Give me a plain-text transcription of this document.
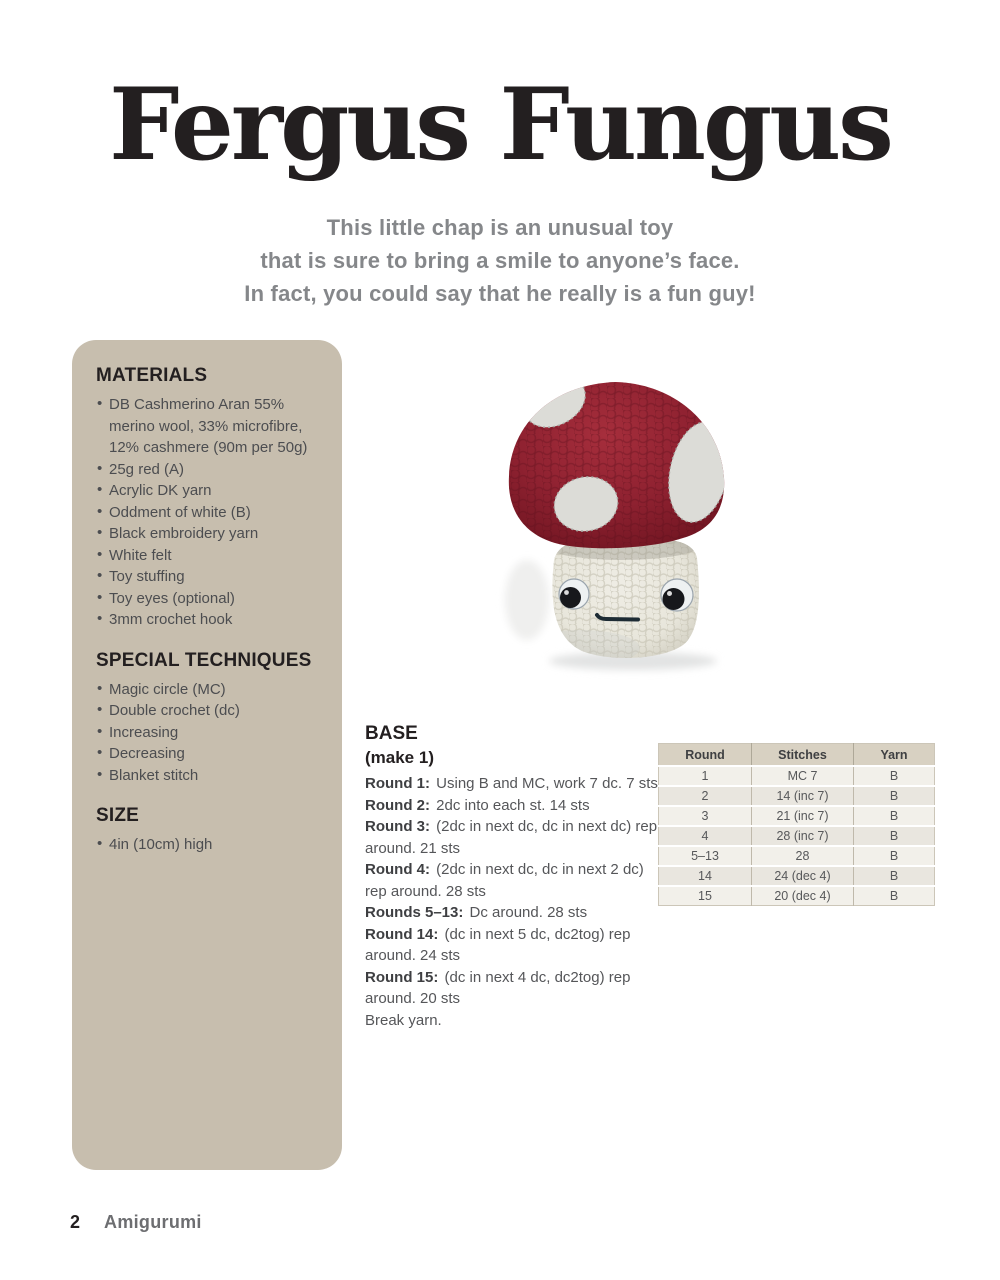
Fergus Fungus
This little chap is an unusual toy
that is sure to bring a smile to anyone’s face.
In fact, you could say that he really is a fun guy!
MATERIALS
• DB Cashmerino Aran 55% merino wool, 33% microfibre, 12% cashmere (90m per 50g)
• 25g red (A)
• Acrylic DK yarn
• Oddment of white (B)
• Black embroidery yarn
• White felt
• Toy stuffing
• Toy eyes (optional)
• 3mm crochet hook
SPECIAL TECHNIQUES
• Magic circle (MC)
• Double crochet (dc)
• Increasing
• Decreasing
• Blanket stitch
SIZE
• 4in (10cm) high
BASE
(make 1)

Round 1: Using B and MC, work 7 dc. 7 sts

Round 2: 2dc into each st. 14 sts

Round 3: (2dc in next dc, dc in next dc) rep around. 21 sts

Round 4: (2dc in next dc, dc in next 2 dc) rep around. 28 sts

Rounds 5–13: Dc around. 28 sts

Round 14: (dc in next 5 dc, dc2tog) rep around. 24 sts

Round 15: (dc in next 4 dc, dc2tog) rep around. 20 sts

Break yarn.

Round	Stitches	Yarn
1	MC 7	B
2	14 (inc 7)	B
3	21 (inc 7)	B
4	28 (inc 7)	B
5–13	28	B
14	24 (dec 4)	B
15	20 (dec 4)	B
2 Amigurumi
